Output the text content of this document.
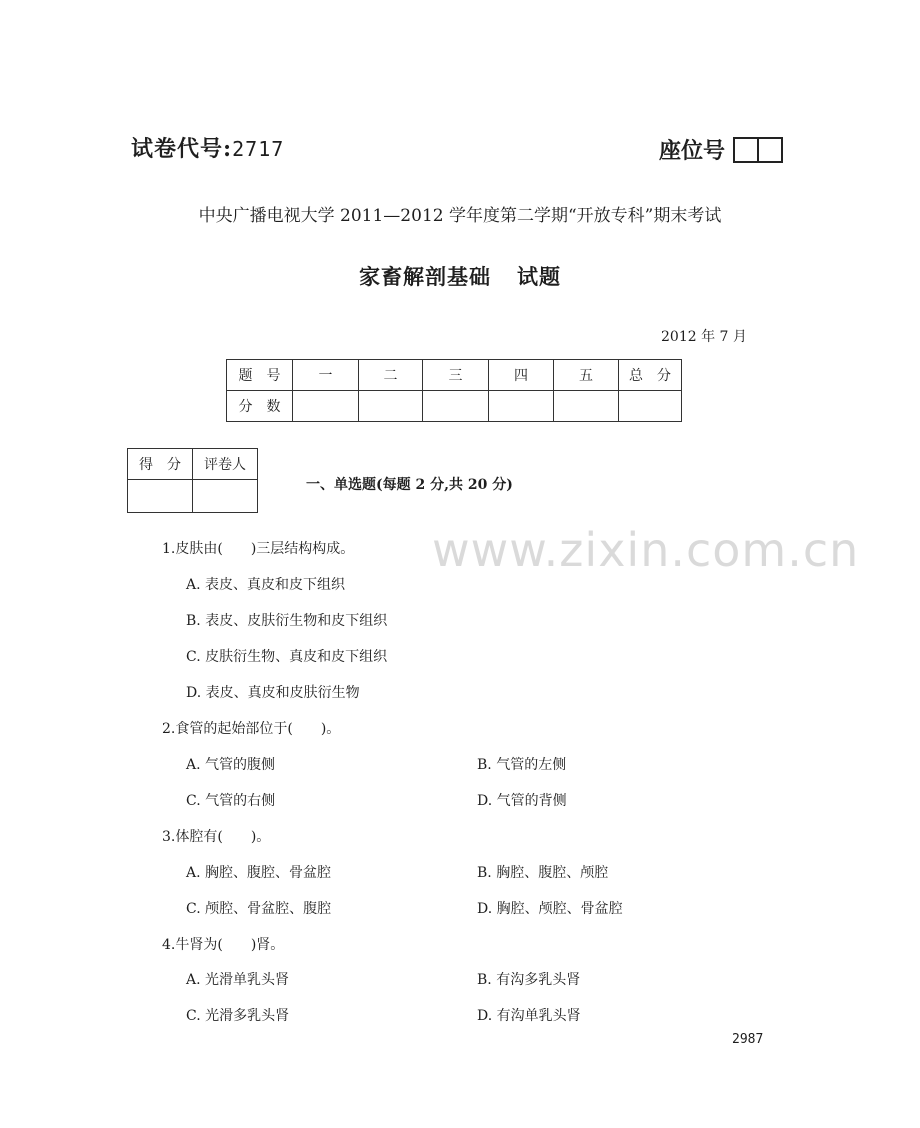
试卷代号:2717	座位号
中央广播电视大学 2011—2012 学年度第二学期“开放专科”期末考试
家畜解剖基础 试题
2012 年 7 月
题　号	一	二	三	四	五	总　分
分　数						
得　分	评卷人

一、单选题(每题 2 分,共 20 分)
www.zixin.com.cn
1.皮肤由(　　)三层结构构成。
A. 表皮、真皮和皮下组织
B. 表皮、皮肤衍生物和皮下组织
C. 皮肤衍生物、真皮和皮下组织
D. 表皮、真皮和皮肤衍生物
2.食管的起始部位于(　　)。
A. 气管的腹侧	B. 气管的左侧
C. 气管的右侧	D. 气管的背侧
3.体腔有(　　)。
A. 胸腔、腹腔、骨盆腔	B. 胸腔、腹腔、颅腔
C. 颅腔、骨盆腔、腹腔	D. 胸腔、颅腔、骨盆腔
4.牛肾为(　　)肾。
A. 光滑单乳头肾	B. 有沟多乳头肾
C. 光滑多乳头肾	D. 有沟单乳头肾
2987
